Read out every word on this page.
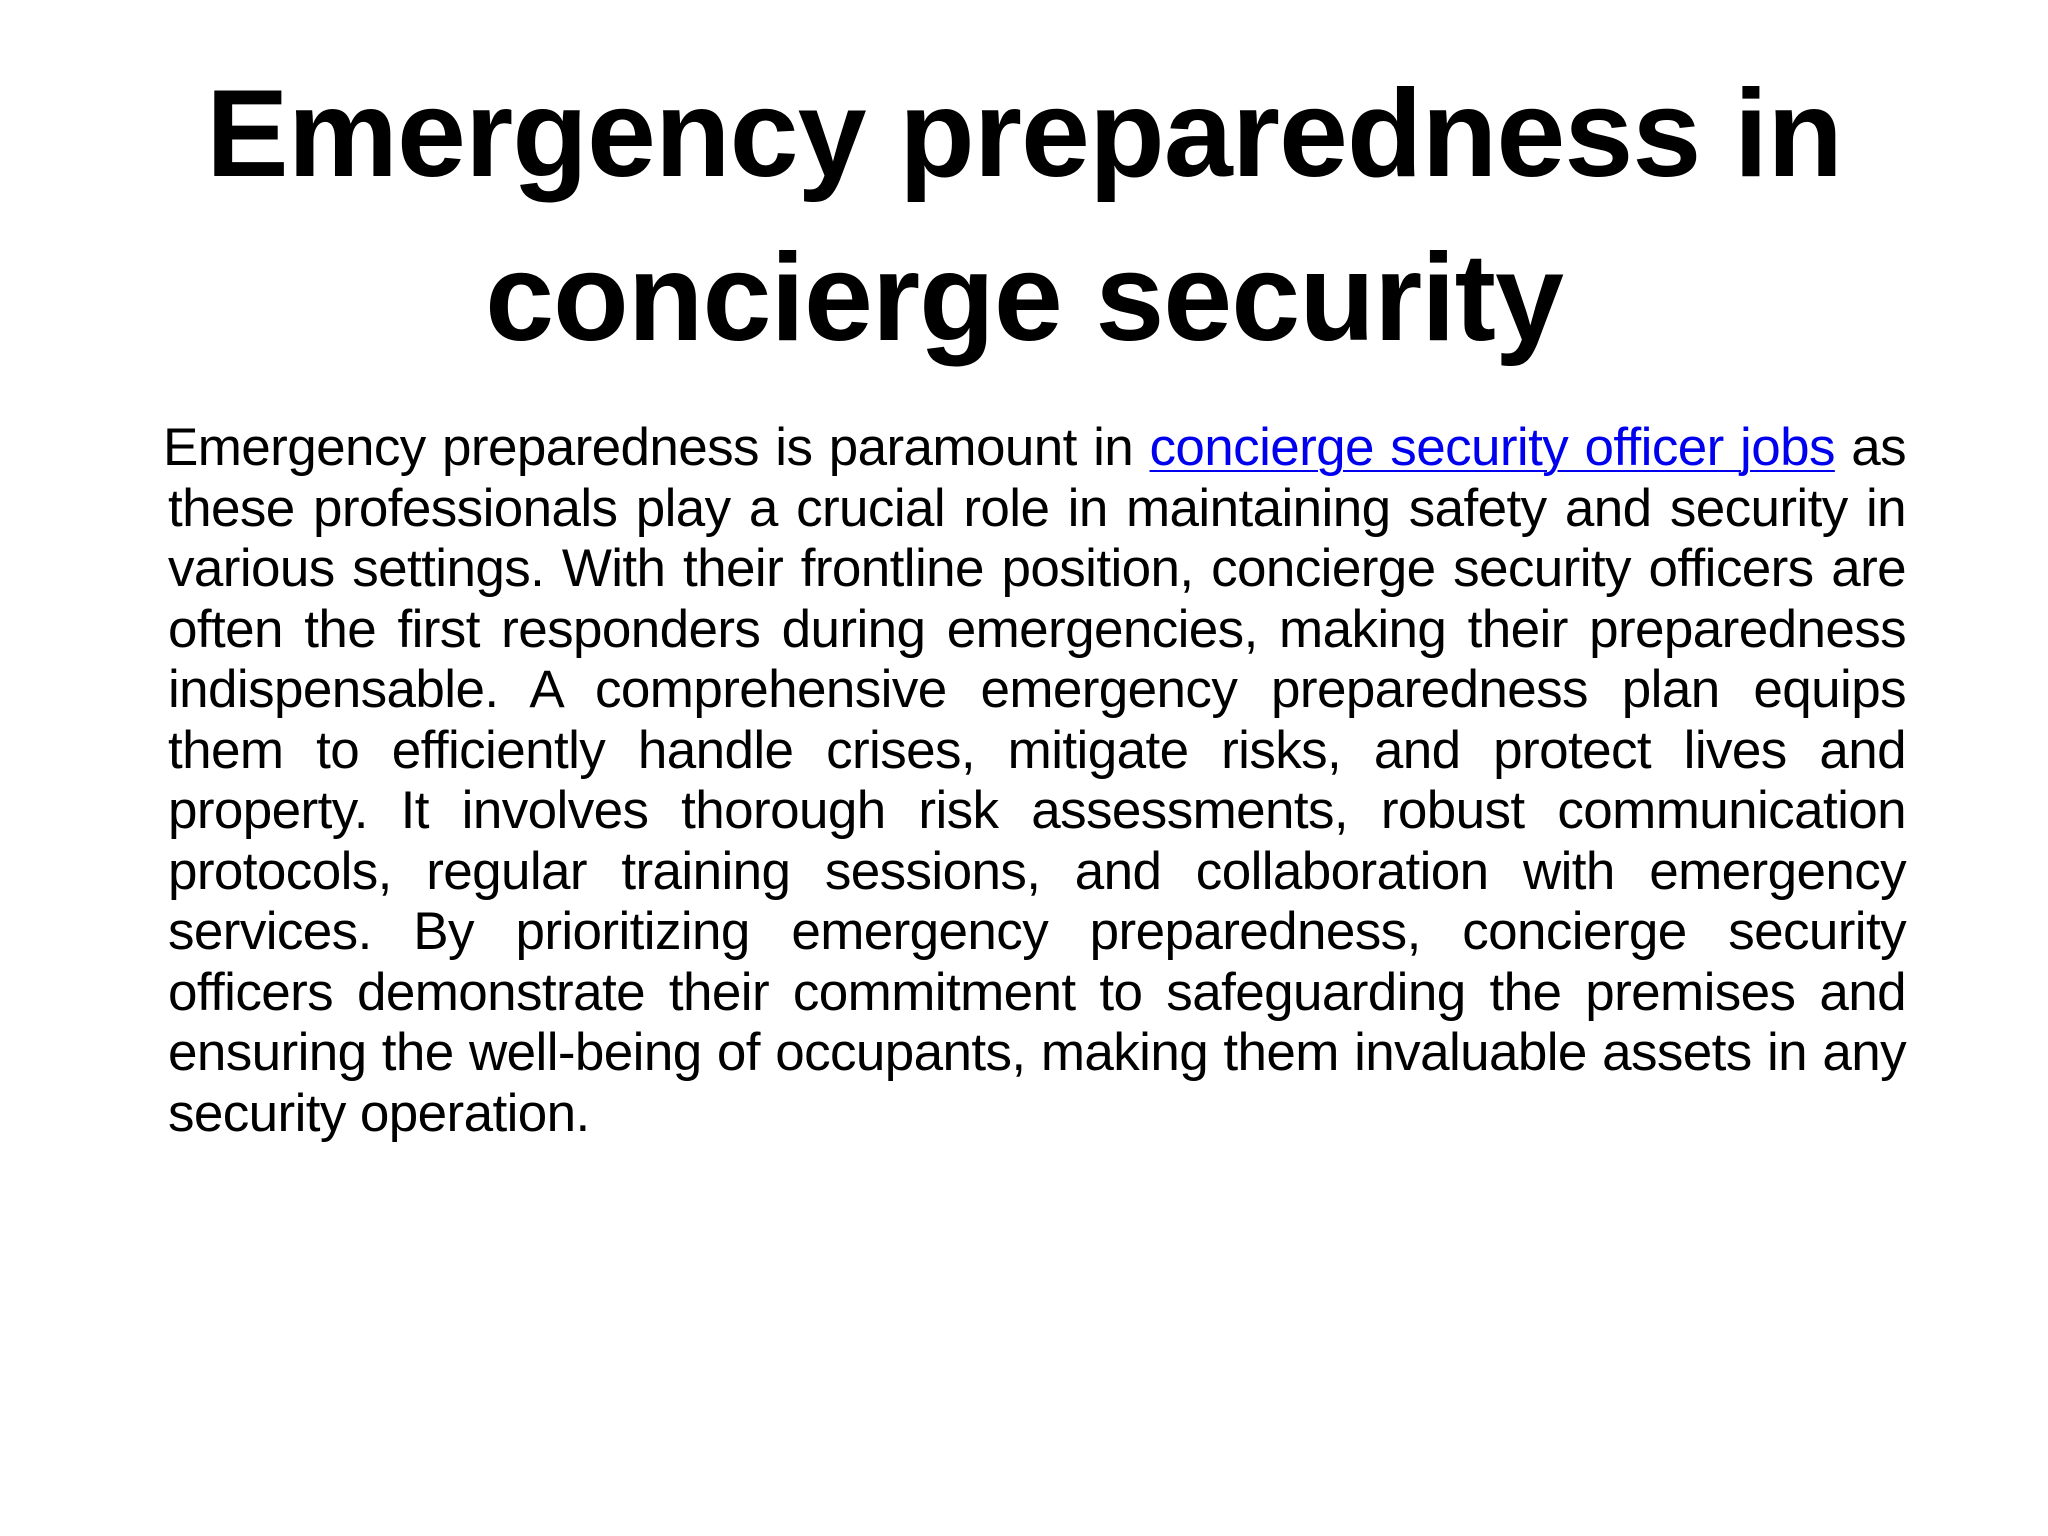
Emergency preparedness in
concierge security

Emergency preparedness is paramount in concierge security officer jobs as these professionals play a crucial role in maintaining safety and security in various settings. With their frontline position, concierge security officers are often the first responders during emergencies, making their preparedness indispensable. A comprehensive emergency preparedness plan equips them to efficiently handle crises, mitigate risks, and protect lives and property. It involves thorough risk assessments, robust communication protocols, regular training sessions, and collaboration with emergency services. By prioritizing emergency preparedness, concierge security officers demonstrate their commitment to safeguarding the premises and ensuring the well-being of occupants, making them invaluable assets in any security operation.
